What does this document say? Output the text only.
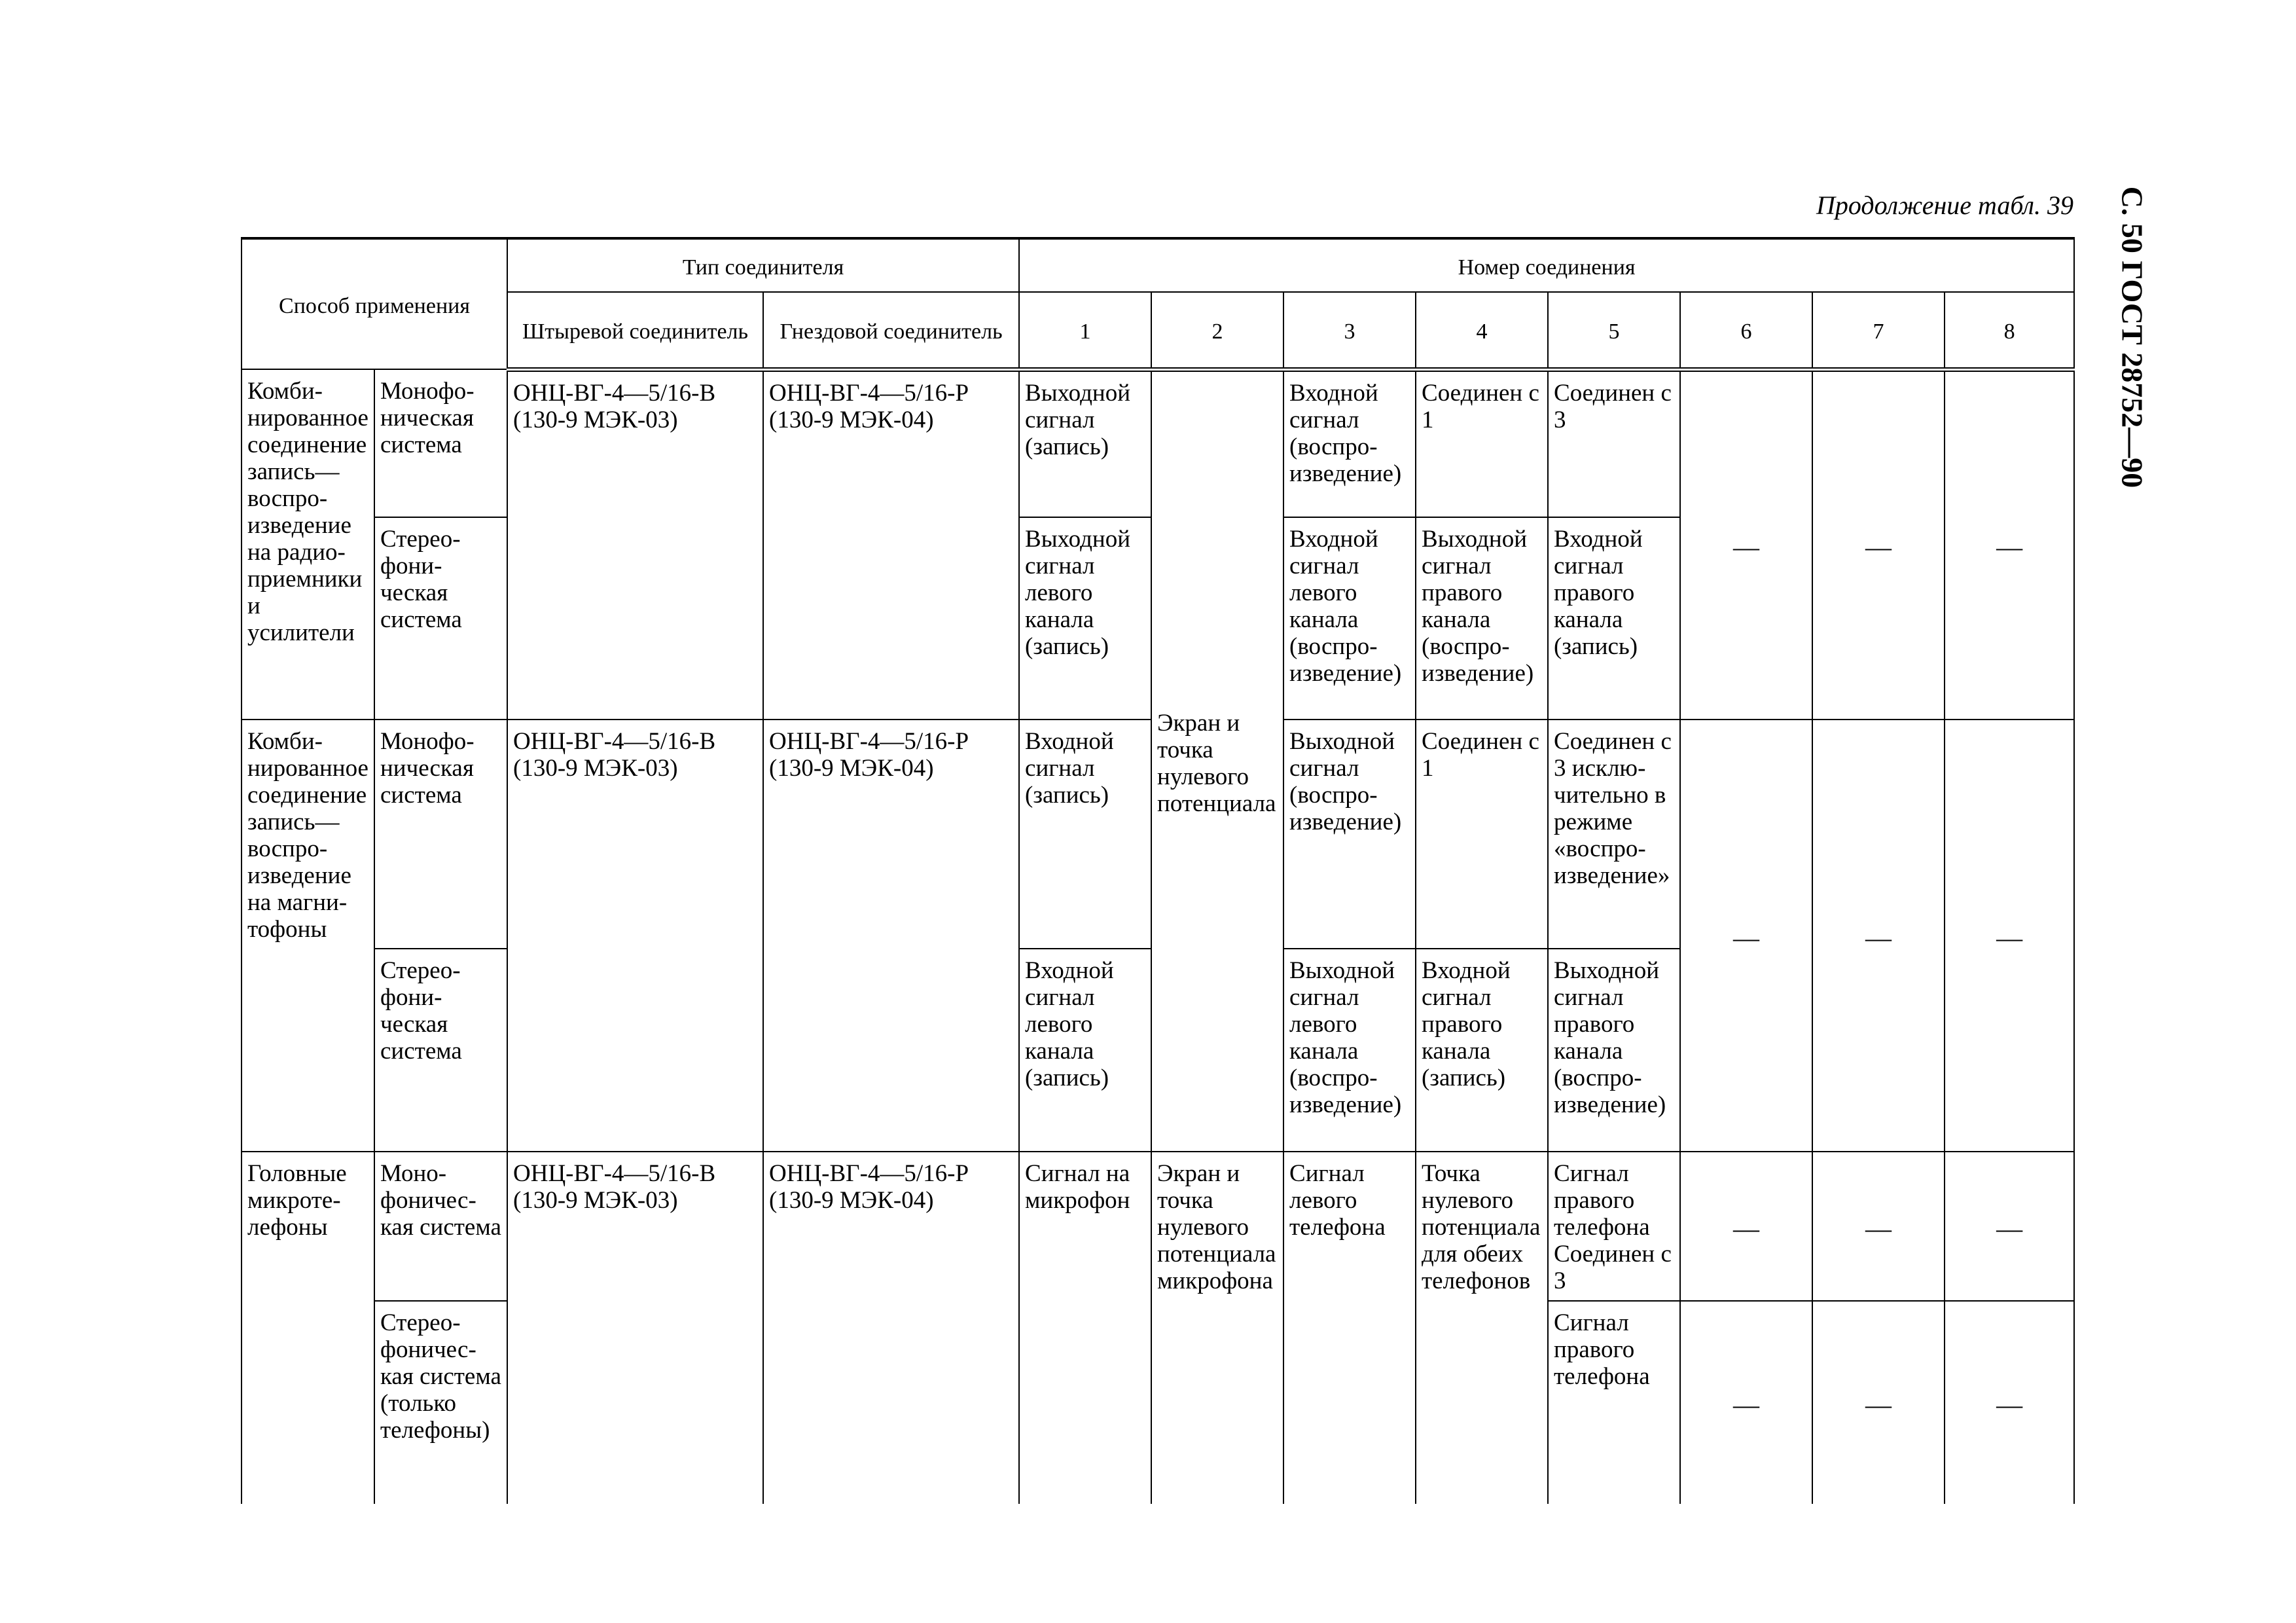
Продолжение табл. 39 С. 50 ГОСТ 28752—90
Способ применения		Тип соединителя		Номер соединения							
		Штыревой соединитель	Гнездовой соединитель	1	2	3	4	5	6	7	8
Комбинированное соединение запись— воспроизведение на радиоприемники и усилители	Монофоническая система	ОНЦ-ВГ-4—5/16-В (130-9 МЭК-03)	ОНЦ-ВГ-4—5/16-Р (130-9 МЭК-04)	Выходной сигнал (запись)	Экран и точка нулевого потенциала	Входной сигнал (воспроизведение)	Соединен с 1	Соединен с 3	—	—	—
	Стереофоническая система			Выходной сигнал левого канала (запись)		Входной сигнал левого канала (воспроизведение)	Выходной сигнал правого канала (воспроизведение)	Входной сигнал правого канала (запись)			
Комбинированное соединение запись— воспроизведение на магнитофоны	Монофоническая система	ОНЦ-ВГ-4—5/16-В (130-9 МЭК-03)	ОНЦ-ВГ-4—5/16-Р (130-9 МЭК-04)	Входной сигнал (запись)		Выходной сигнал (воспроизведение)	Соединен с 1	Соединен с 3 исключительно в режиме «воспроизведение»	—	—	—
	Стереофоническая система			Входной сигнал левого канала (запись)		Выходной сигнал левого канала (воспроизведение)	Входной сигнал правого канала (запись)	Выходной сигнал правого канала (воспроизведение)			
Головные микротелефоны	Монофоническая система	ОНЦ-ВГ-4—5/16-В (130-9 МЭК-03)	ОНЦ-ВГ-4—5/16-Р (130-9 МЭК-04)	Сигнал на микрофон	Экран и точка нулевого потенциала микрофона	Сигнал левого телефона	Точка нулевого потенциала для обеих телефонов	Сигнал правого телефона Соединен с 3	—	—	—
	Стереофоническая система (только телефоны)							Сигнал правого телефона	—	—	—
